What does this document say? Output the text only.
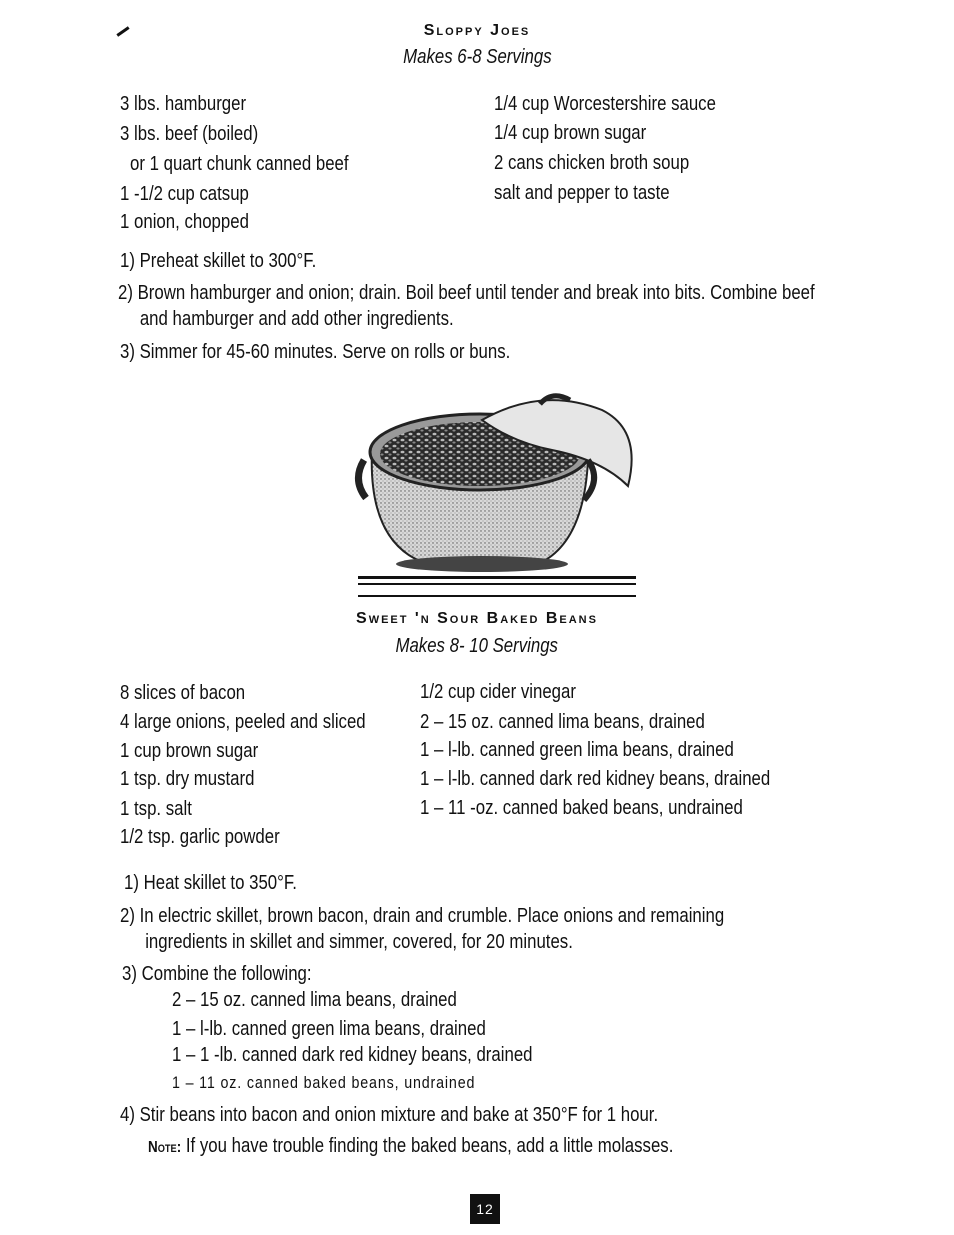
Sloppy Joes
Makes 6-8 Servings
3 lbs. hamburger
3 lbs. beef (boiled)
or 1 quart chunk canned beef
1 -1/2 cup catsup
1 onion, chopped
1/4 cup Worcestershire sauce
1/4 cup brown sugar
2 cans chicken broth soup
salt and pepper to taste
1) Preheat skillet to 300°F.
2) Brown hamburger and onion; drain. Boil beef until tender and break into bits. Combine beef and hamburger and add other ingredients.
3) Simmer for 45-60 minutes. Serve on rolls or buns.
Sweet 'n Sour Baked Beans
Makes 8- 10 Servings
8 slices of bacon
4 large onions, peeled and sliced
1 cup brown sugar
1 tsp. dry mustard
1 tsp. salt
1/2 tsp. garlic powder
1/2 cup cider vinegar
2 – 15 oz. canned lima beans, drained
1 – l-lb. canned green lima beans, drained
1 – l-lb. canned dark red kidney beans, drained
1 – 11 -oz. canned baked beans, undrained
1) Heat skillet to 350°F.
2) In electric skillet, brown bacon, drain and crumble. Place onions and remaining ingredients in skillet and simmer, covered, for 20 minutes.
3) Combine the following:
2 – 15 oz. canned lima beans, drained
1 – l-lb. canned green lima beans, drained
1 – 1 -lb. canned dark red kidney beans, drained
1 – 11 oz. canned baked beans, undrained
4) Stir beans into bacon and onion mixture and bake at 350°F for 1 hour.
Note: If you have trouble finding the baked beans, add a little molasses.
12
